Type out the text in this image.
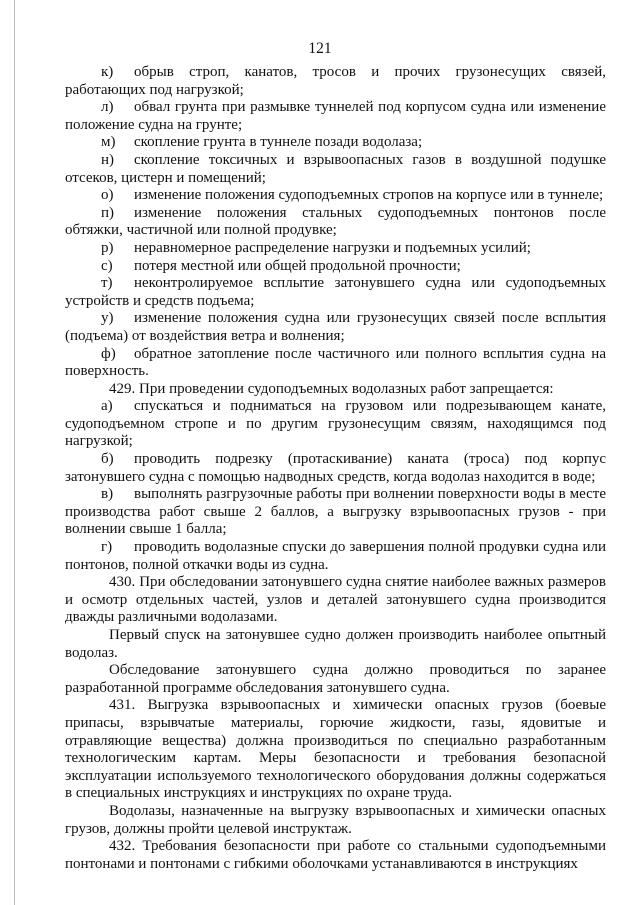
121

к) обрыв строп, канатов, тросов и прочих грузонесущих связей, работающих под нагрузкой;

л) обвал грунта при размывке туннелей под корпусом судна или изменение положение судна на грунте;

м) скопление грунта в туннеле позади водолаза;

н) скопление токсичных и взрывоопасных газов в воздушной подушке отсеков, цистерн и помещений;

о) изменение положения судоподъемных стропов на корпусе или в туннеле;

п) изменение положения стальных судоподъемных понтонов после обтяжки, частичной или полной продувке;

р) неравномерное распределение нагрузки и подъемных усилий;

с) потеря местной или общей продольной прочности;

т) неконтролируемое всплытие затонувшего судна или судоподъемных устройств и средств подъема;

у) изменение положения судна или грузонесущих связей после всплытия (подъема) от воздействия ветра и волнения;

ф) обратное затопление после частичного или полного всплытия судна на поверхность.

429. При проведении судоподъемных водолазных работ запрещается:

а) спускаться и подниматься на грузовом или подрезывающем канате, судоподъемном стропе и по другим грузонесущим связям, находящимся под нагрузкой;

б) проводить подрезку (протаскивание) каната (троса) под корпус затонувшего судна с помощью надводных средств, когда водолаз находится в воде;

в) выполнять разгрузочные работы при волнении поверхности воды в месте производства работ свыше 2 баллов, а выгрузку взрывоопасных грузов - при волнении свыше 1 балла;

г) проводить водолазные спуски до завершения полной продувки судна или понтонов, полной откачки воды из судна.

430. При обследовании затонувшего судна снятие наиболее важных размеров и осмотр отдельных частей, узлов и деталей затонувшего судна производится дважды различными водолазами.

Первый спуск на затонувшее судно должен производить наиболее опытный водолаз.

Обследование затонувшего судна должно проводиться по заранее разработанной программе обследования затонувшего судна.

431. Выгрузка взрывоопасных и химически опасных грузов (боевые припасы, взрывчатые материалы, горючие жидкости, газы, ядовитые и отравляющие вещества) должна производиться по специально разработанным технологическим картам. Меры безопасности и требования безопасной эксплуатации используемого технологического оборудования должны содержаться в специальных инструкциях и инструкциях по охране труда.

Водолазы, назначенные на выгрузку взрывоопасных и химически опасных грузов, должны пройти целевой инструктаж.

432. Требования безопасности при работе со стальными судоподъемными понтонами и понтонами с гибкими оболочками устанавливаются в инструкциях
